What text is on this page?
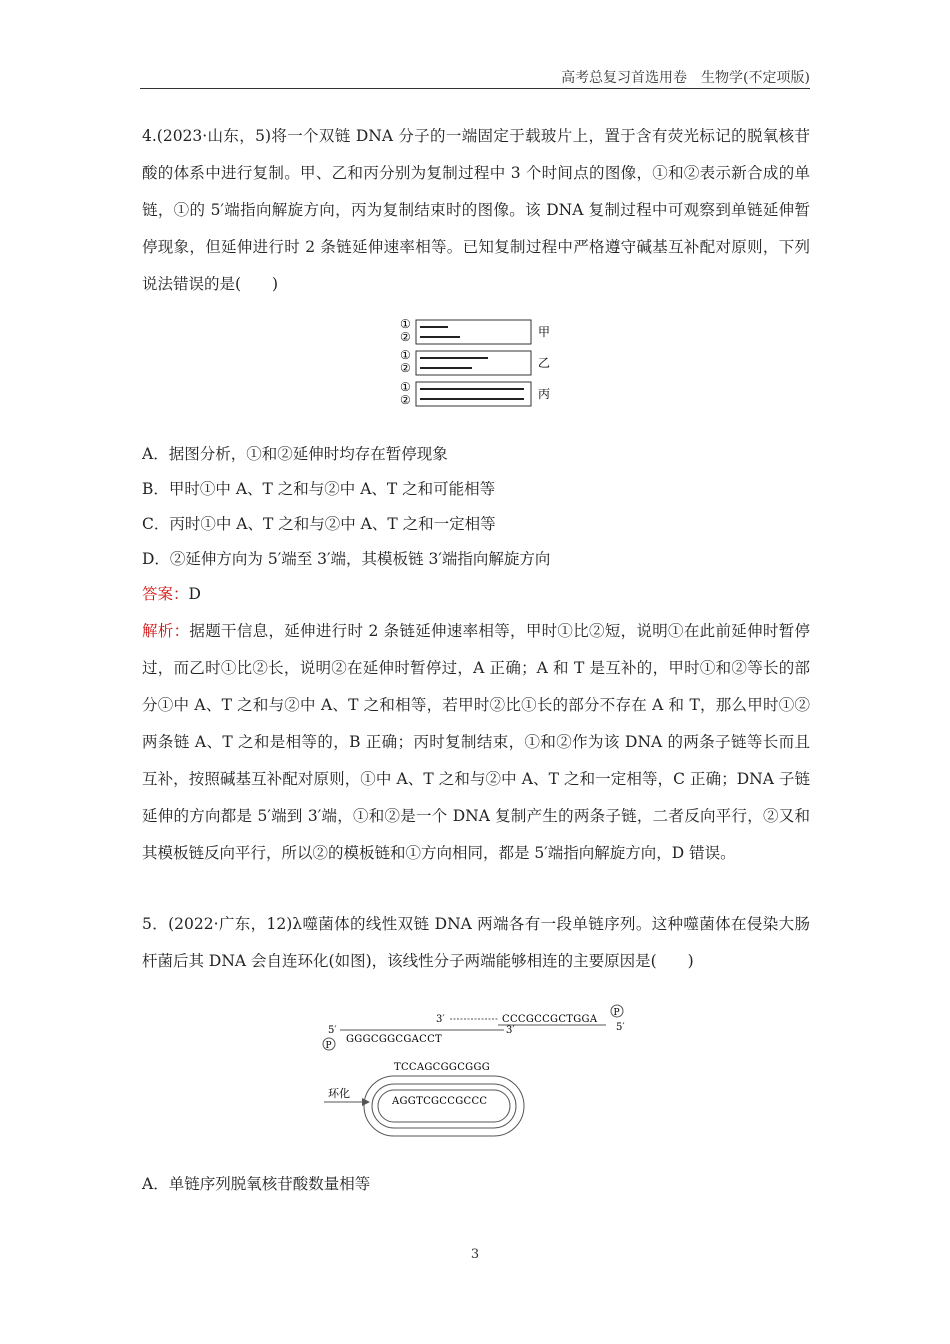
高考总复习首选用卷　生物学(不定项版)

4.(2023·山东，5)将一个双链 DNA 分子的一端固定于载玻片上，置于含有荧光标记的脱氧核苷酸的体系中进行复制。甲、乙和丙分别为复制过程中 3 个时间点的图像，①和②表示新合成的单链，①的 5′端指向解旋方向，丙为复制结束时的图像。该 DNA 复制过程中可观察到单链延伸暂停现象，但延伸进行时 2 条链延伸速率相等。已知复制过程中严格遵守碱基互补配对原则，下列说法错误的是(　　)

①
②	甲
①
②	乙
①
②	丙

A．据图分析，①和②延伸时均存在暂停现象

B．甲时①中 A、T 之和与②中 A、T 之和可能相等

C．丙时①中 A、T 之和与②中 A、T 之和一定相等

D．②延伸方向为 5′端至 3′端，其模板链 3′端指向解旋方向

答案：D

解析：据题干信息，延伸进行时 2 条链延伸速率相等，甲时①比②短，说明①在此前延伸时暂停过，而乙时①比②长，说明②在延伸时暂停过，A 正确；A 和 T 是互补的，甲时①和②等长的部分①中 A、T 之和与②中 A、T 之和相等，若甲时②比①长的部分不存在 A 和 T，那么甲时①②两条链 A、T 之和是相等的，B 正确；丙时复制结束，①和②作为该 DNA 的两条子链等长而且互补，按照碱基互补配对原则，①中 A、T 之和与②中 A、T 之和一定相等，C 正确；DNA 子链延伸的方向都是 5′端到 3′端，①和②是一个 DNA 复制产生的两条子链，二者反向平行，②又和其模板链反向平行，所以②的模板链和①方向相同，都是 5′端指向解旋方向，D 错误。

5．(2022·广东，12)λ噬菌体的线性双链 DNA 两端各有一段单链序列。这种噬菌体在侵染大肠杆菌后其 DNA 会自连环化(如图)，该线性分子两端能够相连的主要原因是(　　)

3′	CCCGCCGCTGGA
P
5′
5′
P
3′
GGGCGGCGACCT
环化
TCCAGCGGCGGG
AGGTCGCCGCCC

A．单链序列脱氧核苷酸数量相等

3
